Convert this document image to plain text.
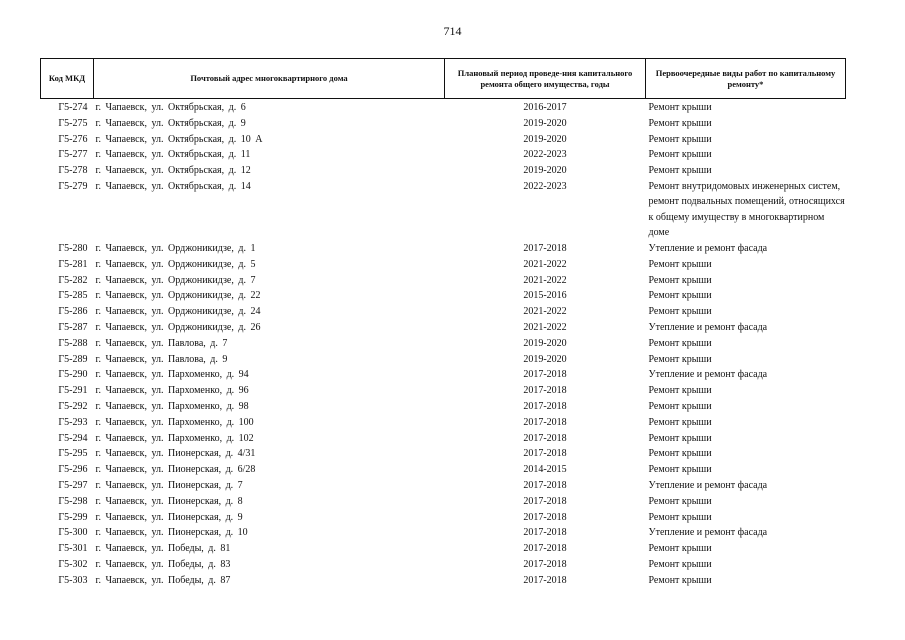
714
Код МКД	Почтовый адрес многоквартирного дома	Плановый период проведе-ния капитального ремонта общего имущества, годы	Первоочередные виды работ по капитальному ремонту*
Г5-274	г. Чапаевск, ул. Октябрьская, д. 6	2016-2017	Ремонт крыши
Г5-275	г. Чапаевск, ул. Октябрьская, д. 9	2019-2020	Ремонт крыши
Г5-276	г. Чапаевск, ул. Октябрьская, д. 10 А	2019-2020	Ремонт крыши
Г5-277	г. Чапаевск, ул. Октябрьская, д. 11	2022-2023	Ремонт крыши
Г5-278	г. Чапаевск, ул. Октябрьская, д. 12	2019-2020	Ремонт крыши
Г5-279	г. Чапаевск, ул. Октябрьская, д. 14	2022-2023	Ремонт внутридомовых инженерных систем, ремонт подвальных помещений, относящихся к общему имуществу в многоквартирном доме
Г5-280	г. Чапаевск, ул. Орджоникидзе, д. 1	2017-2018	Утепление и ремонт фасада
Г5-281	г. Чапаевск, ул. Орджоникидзе, д. 5	2021-2022	Ремонт крыши
Г5-282	г. Чапаевск, ул. Орджоникидзе, д. 7	2021-2022	Ремонт крыши
Г5-285	г. Чапаевск, ул. Орджоникидзе, д. 22	2015-2016	Ремонт крыши
Г5-286	г. Чапаевск, ул. Орджоникидзе, д. 24	2021-2022	Ремонт крыши
Г5-287	г. Чапаевск, ул. Орджоникидзе, д. 26	2021-2022	Утепление и ремонт фасада
Г5-288	г. Чапаевск, ул. Павлова, д. 7	2019-2020	Ремонт крыши
Г5-289	г. Чапаевск, ул. Павлова, д. 9	2019-2020	Ремонт крыши
Г5-290	г. Чапаевск, ул. Пархоменко, д. 94	2017-2018	Утепление и ремонт фасада
Г5-291	г. Чапаевск, ул. Пархоменко, д. 96	2017-2018	Ремонт крыши
Г5-292	г. Чапаевск, ул. Пархоменко, д. 98	2017-2018	Ремонт крыши
Г5-293	г. Чапаевск, ул. Пархоменко, д. 100	2017-2018	Ремонт крыши
Г5-294	г. Чапаевск, ул. Пархоменко, д. 102	2017-2018	Ремонт крыши
Г5-295	г. Чапаевск, ул. Пионерская, д. 4/31	2017-2018	Ремонт крыши
Г5-296	г. Чапаевск, ул. Пионерская, д. 6/28	2014-2015	Ремонт крыши
Г5-297	г. Чапаевск, ул. Пионерская, д. 7	2017-2018	Утепление и ремонт фасада
Г5-298	г. Чапаевск, ул. Пионерская, д. 8	2017-2018	Ремонт крыши
Г5-299	г. Чапаевск, ул. Пионерская, д. 9	2017-2018	Ремонт крыши
Г5-300	г. Чапаевск, ул. Пионерская, д. 10	2017-2018	Утепление и ремонт фасада
Г5-301	г. Чапаевск, ул. Победы, д. 81	2017-2018	Ремонт крыши
Г5-302	г. Чапаевск, ул. Победы, д. 83	2017-2018	Ремонт крыши
Г5-303	г. Чапаевск, ул. Победы, д. 87	2017-2018	Ремонт крыши
